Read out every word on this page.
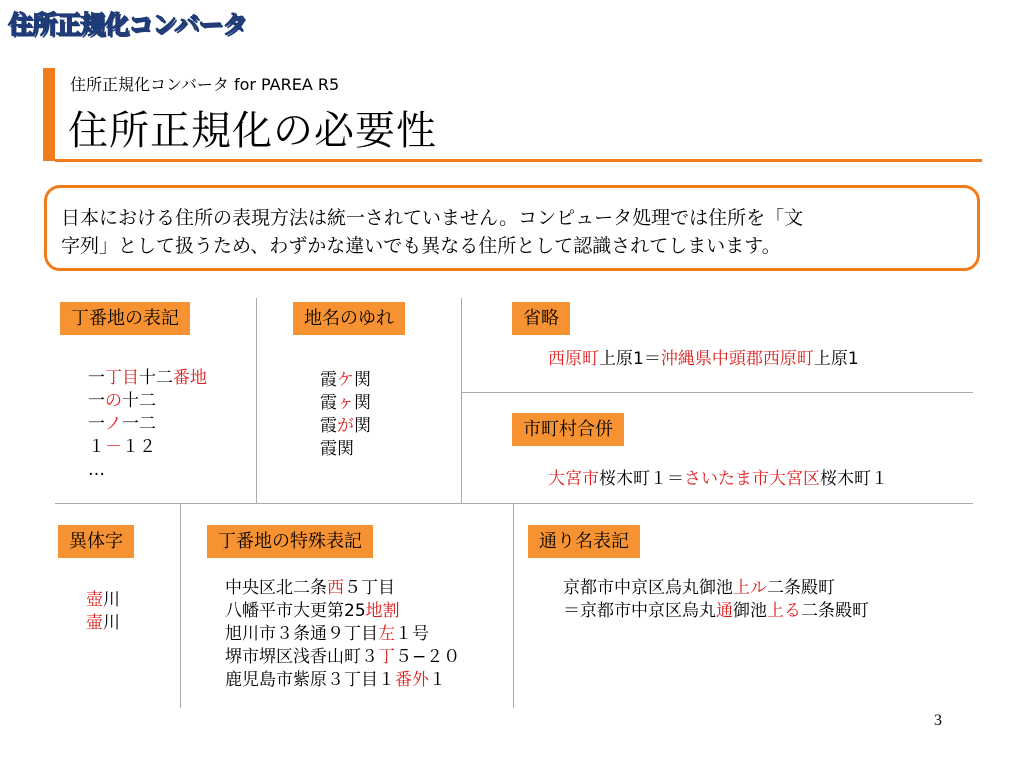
住所正規化コンバータ
住所正規化コンバータ for PAREA R5
住所正規化の必要性
日本における住所の表現方法は統一されていません。コンピュータ処理では住所を「文
字列」として扱うため、わずかな違いでも異なる住所として認識されてしまいます。
丁番地の表記	地名のゆれ	省略
市町村合併
異体字	丁番地の特殊表記	通り名表記
一丁目十二番地
一の十二
一ノ一二
１－１２
…
霞ケ関
霞ヶ関
霞が関
霞関
西原町上原1＝沖縄県中頭郡西原町上原1
大宮市桜木町１＝さいたま市大宮区桜木町１
壺川
壷川
中央区北二条西５丁目
八幡平市大更第25地割
旭川市３条通９丁目左１号
堺市堺区浅香山町３丁５−２０
鹿児島市紫原３丁目１番外１
京都市中京区烏丸御池上ル二条殿町
＝京都市中京区烏丸通御池上る二条殿町
3
